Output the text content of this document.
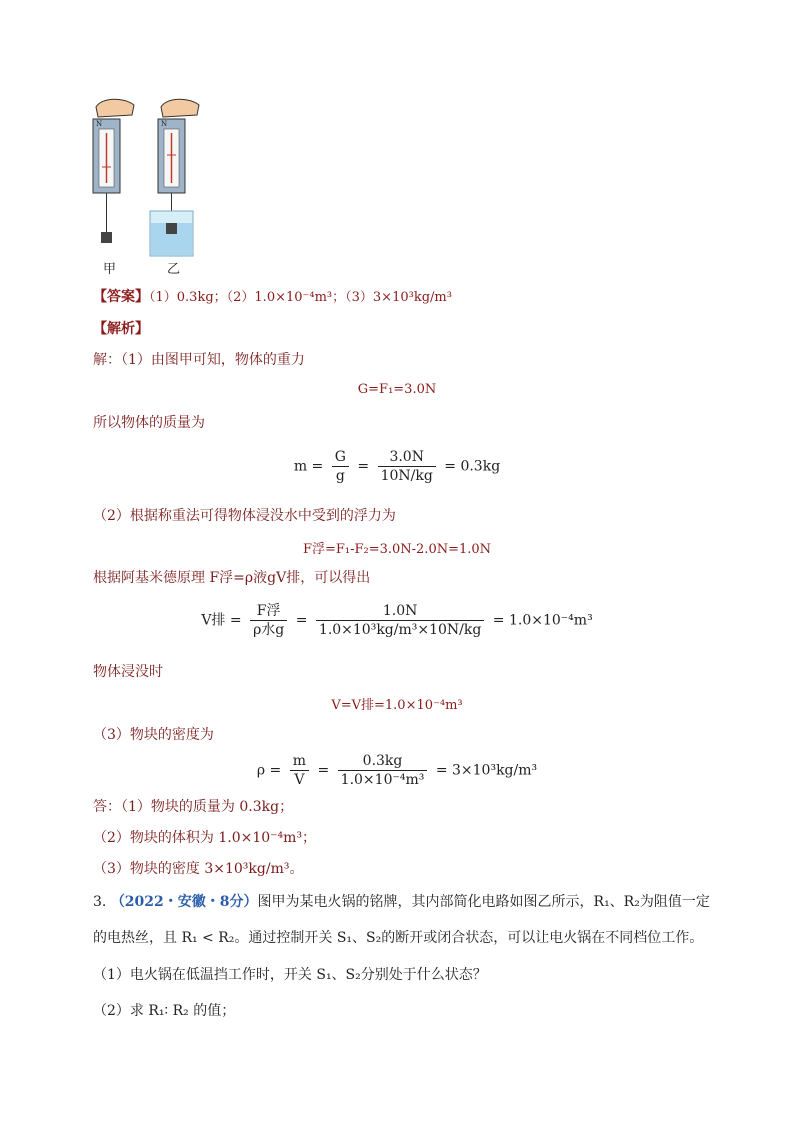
N	N
甲	乙
【答案】（1）0.3kg；（2）1.0×10⁻⁴m³；（3）3×10³kg/m³
【解析】
解：（1）由图甲可知，物体的重力
G=F₁=3.0N
所以物体的质量为
$m = \frac{G}{g} = \frac{3.0N}{10N/kg} = 0.3kg$
（2）根据称重法可得物体浸没水中受到的浮力为
F浮=F₁-F₂=3.0N-2.0N=1.0N
根据阿基米德原理 F浮=ρ液gV排，可以得出
V排 = $\frac{\text{F浮}}{\text{ρ水g}} = \frac{1.0N}{\text{1.0×10³kg/m³×10N/kg}} = 1.0\times 10^{-4}m^3$
物体浸没时
V=V排=1.0×10⁻⁴m³
（3）物块的密度为
$\rho = \frac{m}{V} = \frac{0.3kg}{\text{1.0×10⁻⁴m³}} = 3\times 10^3kg/m^3$
答：（1）物块的质量为 0.3kg；
（2）物块的体积为 1.0×10⁻⁴m³；
（3）物块的密度 3×10³kg/m³。
3. （2022・安徽・8分）图甲为某电火锅的铭牌，其内部简化电路如图乙所示，R₁、R₂为阻值一定
的电热丝，且 R₁ < R₂。通过控制开关 S₁、S₂的断开或闭合状态，可以让电火锅在不同档位工作。
（1）电火锅在低温挡工作时，开关 S₁、S₂分别处于什么状态？
（2）求 R₁∶ R₂ 的值；
